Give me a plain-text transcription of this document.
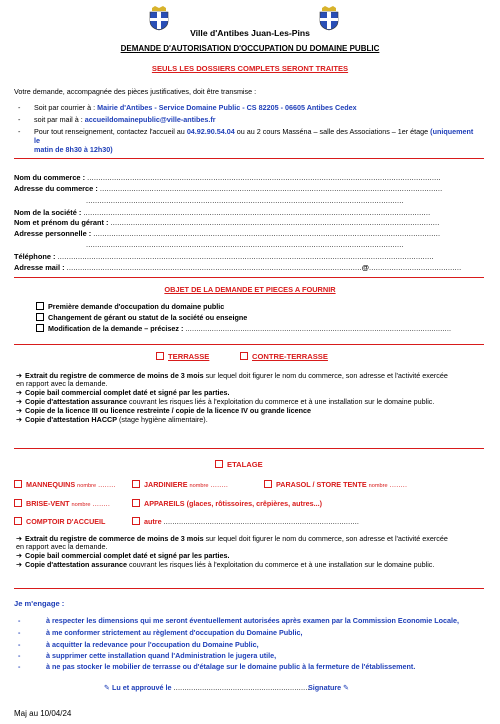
Ville d'Antibes Juan-Les-Pins
DEMANDE D'AUTORISATION D'OCCUPATION DU DOMAINE PUBLIC
SEULS LES DOSSIERS COMPLETS SERONT TRAITES
Votre demande, accompagnée des pièces justificatives, doit être transmise :
- Soit par courrier à : Mairie d'Antibes - Service Domaine Public - CS 82205 - 06605 Antibes Cedex
- soit par mail à : accueildomainepublic@ville-antibes.fr
- Pour tout renseignement, contactez l'accueil au 04.92.90.54.04 ou au 2 cours Masséna – salle des Associations – 1er étage (uniquement le
matin de 8h30 à 12h30)
Nom du commerce : .............................................................................................................................................................
Adresse du commerce : ........................................................................................................................................................
.............................................................................................................................................
Nom de la société : ..........................................................................................................................................................
Nom et prénom du gérant : ..................................................................................................................................................
Adresse personnelle : ..........................................................................................................................................................
.............................................................................................................................................
Téléphone : .......................................................................................................................................................................
Adresse mail : ...................................................................................................................................@.........................................
OBJET DE LA DEMANDE ET PIECES A FOURNIR
Première demande d'occupation du domaine public
Changement de gérant ou statut de la société ou enseigne
Modification de la demande – précisez : .........................................................................................................................
TERRASSE	CONTRE-TERRASSE
➔ Extrait du registre de commerce de moins de 3 mois sur lequel doit figurer le nom du commerce, son adresse et l'activité exercée
en rapport avec la demande.
➔ Copie bail commercial complet daté et signé par les parties.
➔ Copie d'attestation assurance couvrant les risques liés à l'exploitation du commerce et à une installation sur le domaine public.
➔ Copie de la licence III ou licence restreinte / copie de la licence IV ou grande licence
➔ Copie d'attestation HACCP (stage hygiène alimentaire).
ETALAGE
MANNEQUINS nombre ........	JARDINIERE nombre ........	PARASOL / STORE TENTE nombre ........
BRISE-VENT nombre ........	APPAREILS (glaces, rôtissoires, crêpières, autres...)
COMPTOIR D'ACCUEIL	autre .........................................................................................
➔ Extrait du registre de commerce de moins de 3 mois sur lequel doit figurer le nom du commerce, son adresse et l'activité exercée
en rapport avec la demande.
➔ Copie bail commercial complet daté et signé par les parties.
➔ Copie d'attestation assurance couvrant les risques liés à l'exploitation du commerce et à une installation sur le domaine public.
Je m'engage :
-	à respecter les dimensions qui me seront éventuellement autorisées après examen par la Commission Economie Locale,
-	à me conformer strictement au règlement d'occupation du Domaine Public,
-	à acquitter la redevance pour l'occupation du Domaine Public,
-	à supprimer cette installation quand l'Administration le jugera utile,
-	à ne pas stocker le mobilier de terrasse ou d'étalage sur le domaine public à la fermeture de l'établissement.
✎ Lu et approuvé le ..............................................................
Signature ✎
Maj au 10/04/24
